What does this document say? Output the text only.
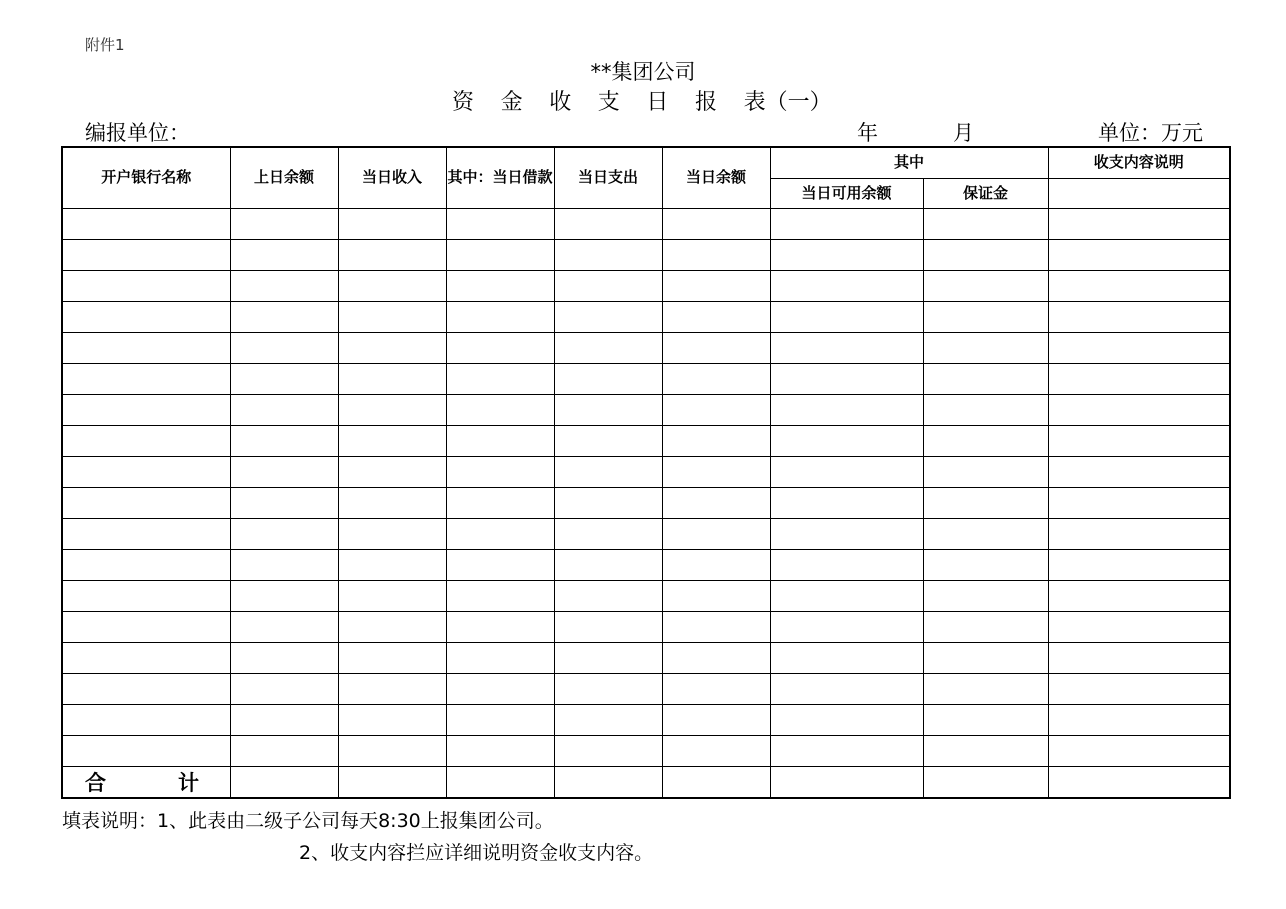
附件1
**集团公司
资 金 收 支 日 报 表（一）
编报单位：	年	月	单位：万元
开户银行名称	上日余额	当日收入	其中：当日借款	当日支出	当日余额	其中		收支内容说明
						当日可用余额	保证金	

合 计								
填表说明：1、此表由二级子公司每天8:30上报集团公司。
2、收支内容拦应详细说明资金收支内容。
